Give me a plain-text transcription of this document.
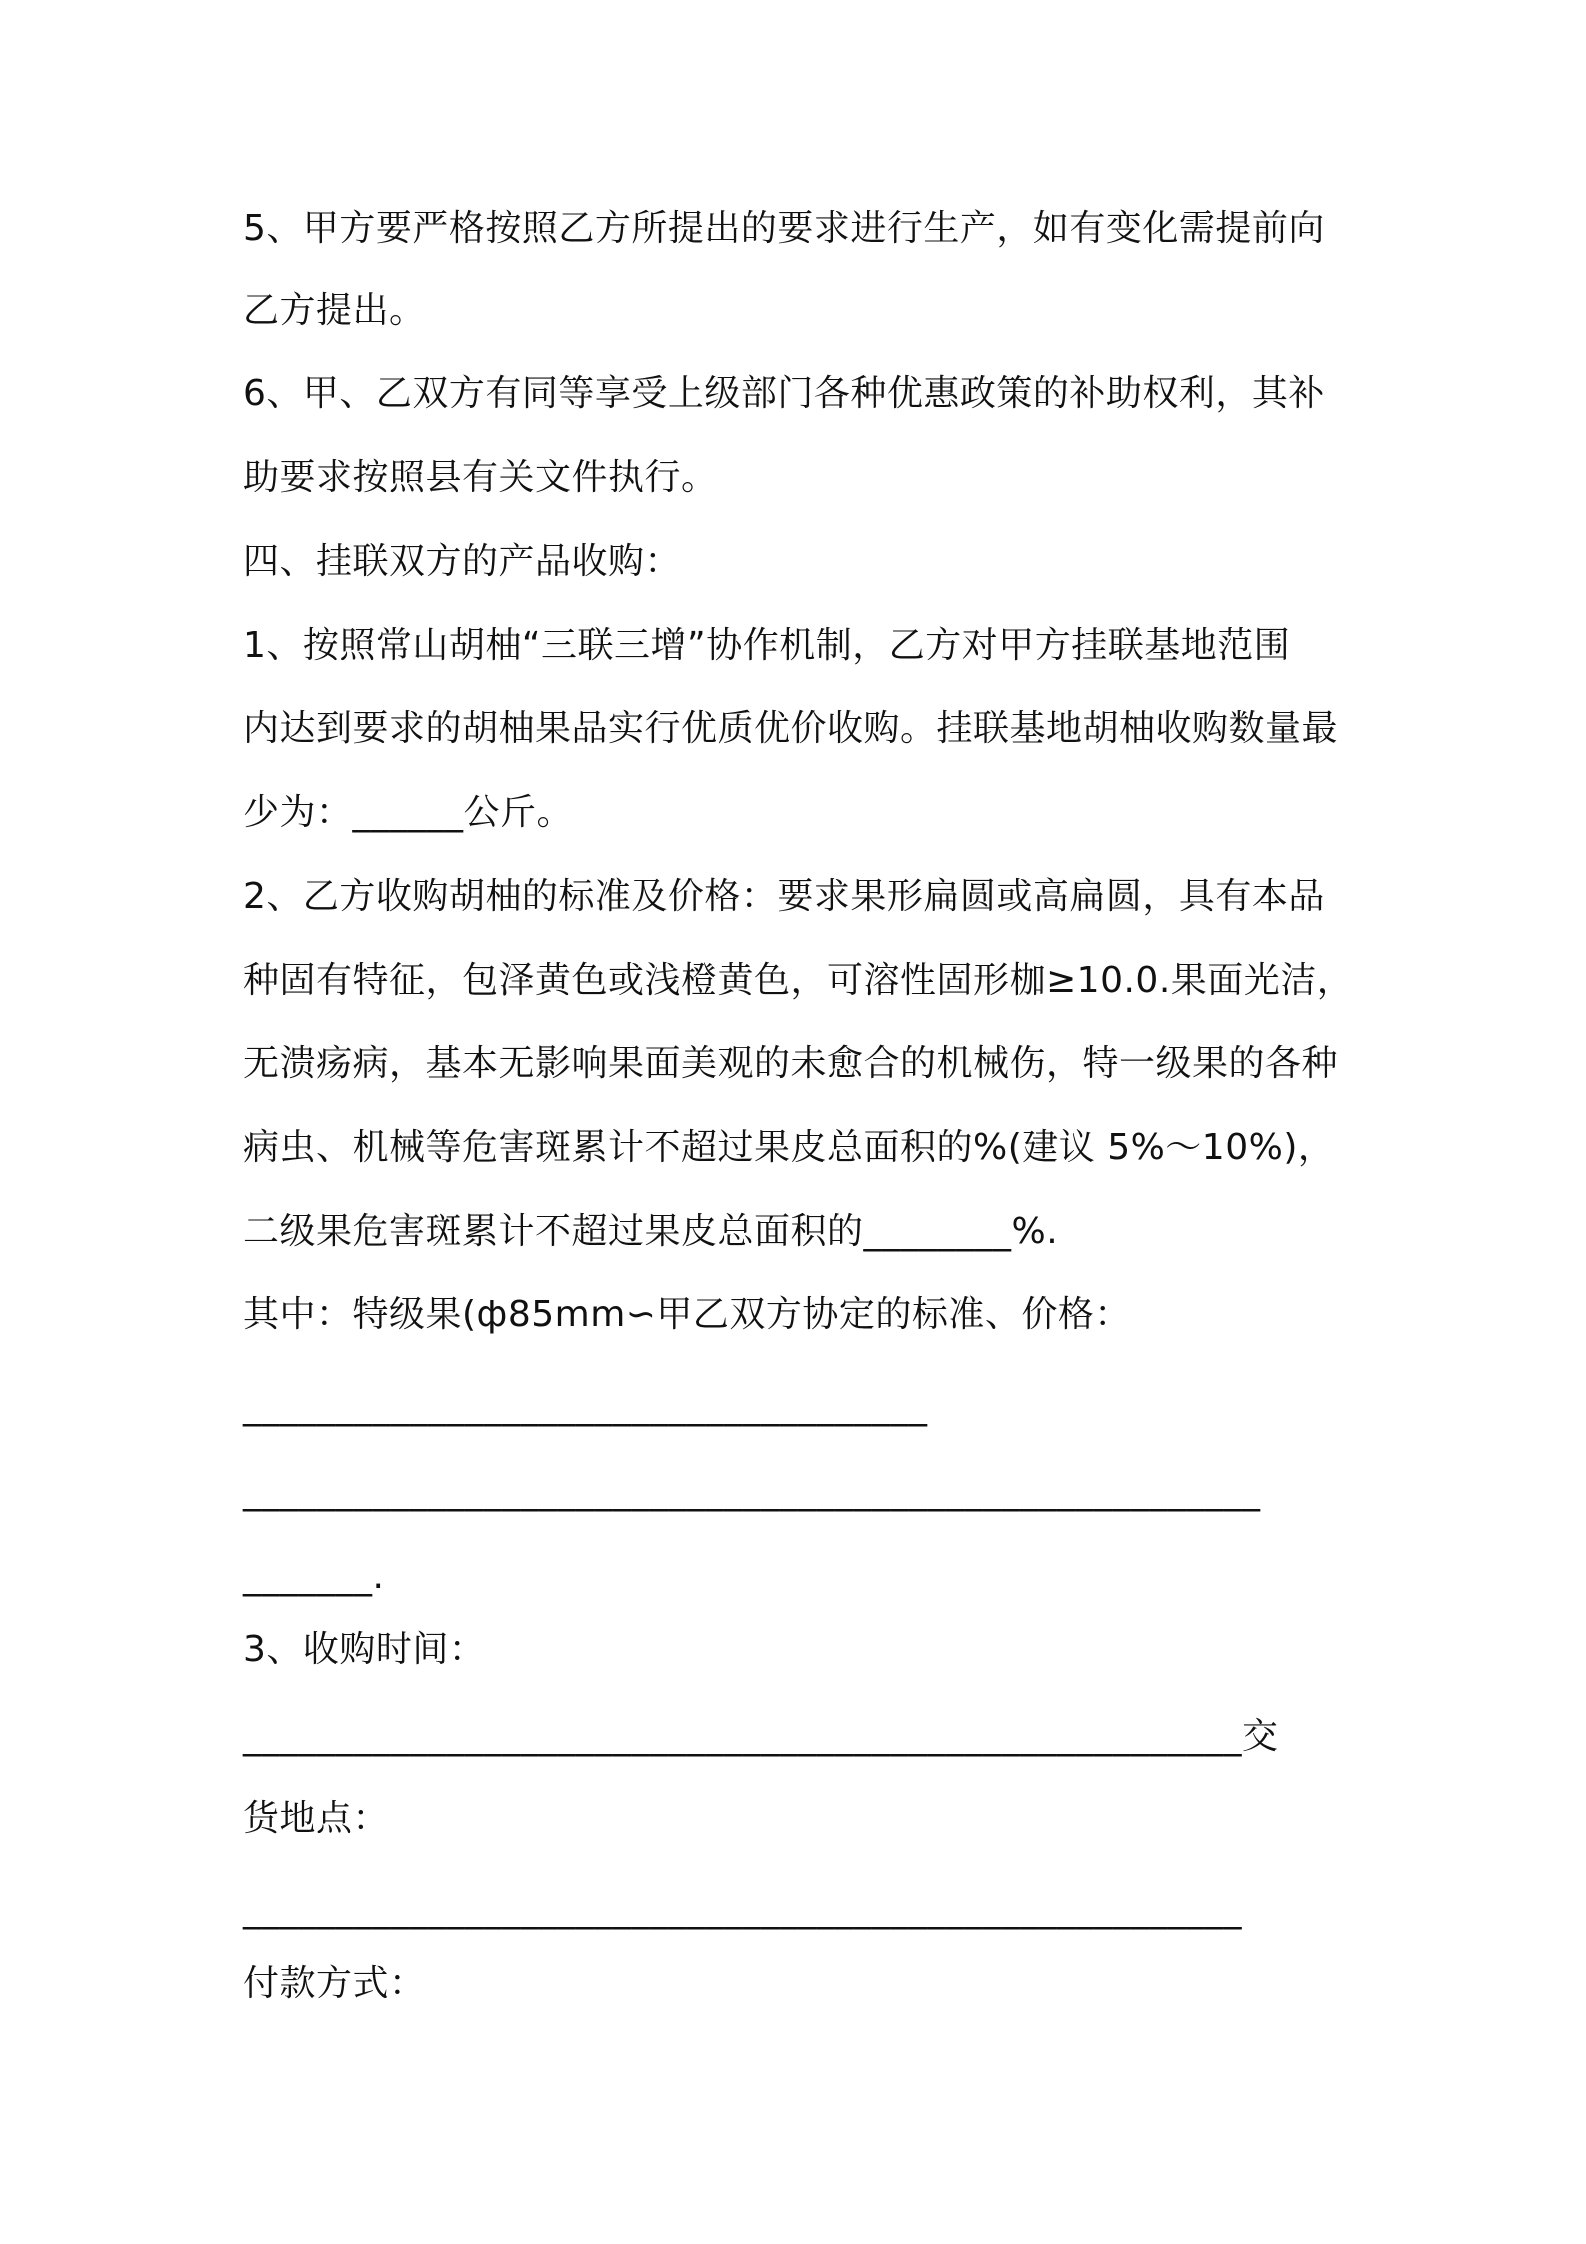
5、甲方要严格按照乙方所提出的要求进行生产，如有变化需提前向
乙方提出。
6、甲、乙双方有同等享受上级部门各种优惠政策的补助权利，其补
助要求按照县有关文件执行。
四、挂联双方的产品收购：
1、按照常山胡柚“三联三增”协作机制，乙方对甲方挂联基地范围
内达到要求的胡柚果品实行优质优价收购。挂联基地胡柚收购数量最
少为：______公斤。
2、乙方收购胡柚的标准及价格：要求果形扁圆或高扁圆，具有本品
种固有特征，包泽黄色或浅橙黄色，可溶性固形枷≥10.0.果面光洁，
无溃疡病，基本无影响果面美观的未愈合的机械伤，特一级果的各种
病虫、机械等危害斑累计不超过果皮总面积的%(建议 5%～10%)，
二级果危害斑累计不超过果皮总面积的________%.
其中：特级果(ф85mm∽甲乙双方协定的标准、价格：
_____________________________________
_______________________________________________________
_______.
3、收购时间：
______________________________________________________交
货地点：
______________________________________________________
付款方式：
